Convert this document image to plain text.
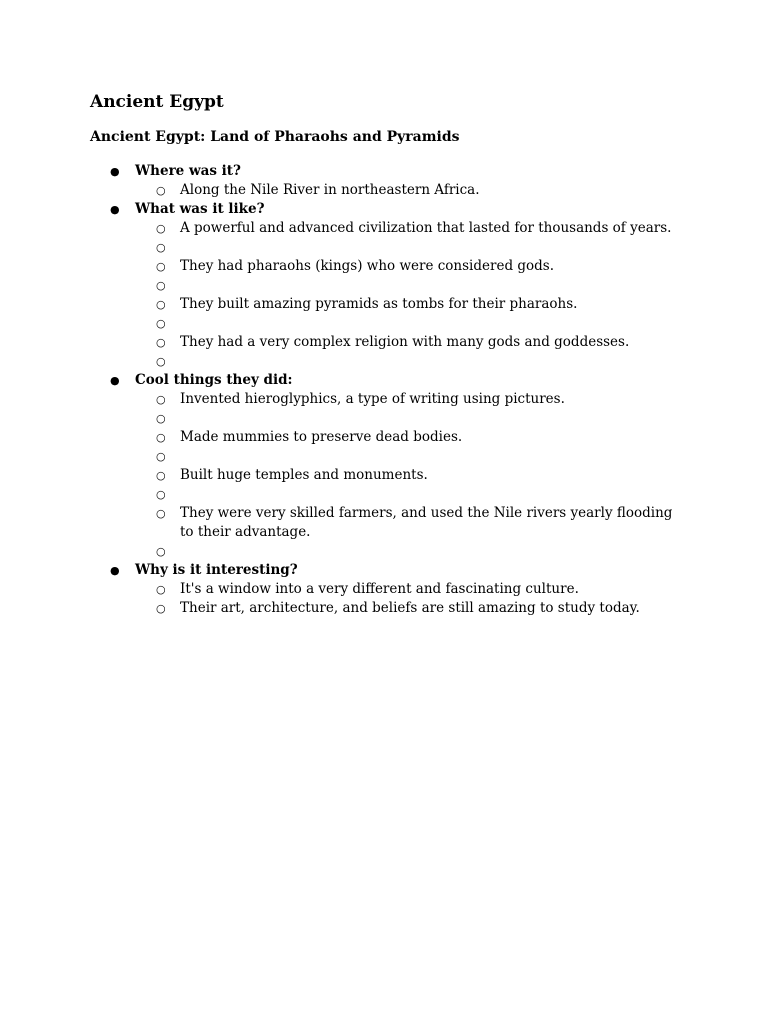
Ancient Egypt
Ancient Egypt: Land of Pharaohs and Pyramids
● Where was it?
○ Along the Nile River in northeastern Africa.
● What was it like?
○ A powerful and advanced civilization that lasted for thousands of years.
○
○ They had pharaohs (kings) who were considered gods.
○
○ They built amazing pyramids as tombs for their pharaohs.
○
○ They had a very complex religion with many gods and goddesses.
○
● Cool things they did:
○ Invented hieroglyphics, a type of writing using pictures.
○
○ Made mummies to preserve dead bodies.
○
○ Built huge temples and monuments.
○
○ They were very skilled farmers, and used the Nile rivers yearly flooding to their advantage.
○
● Why is it interesting?
○ It's a window into a very different and fascinating culture.
○ Their art, architecture, and beliefs are still amazing to study today.
